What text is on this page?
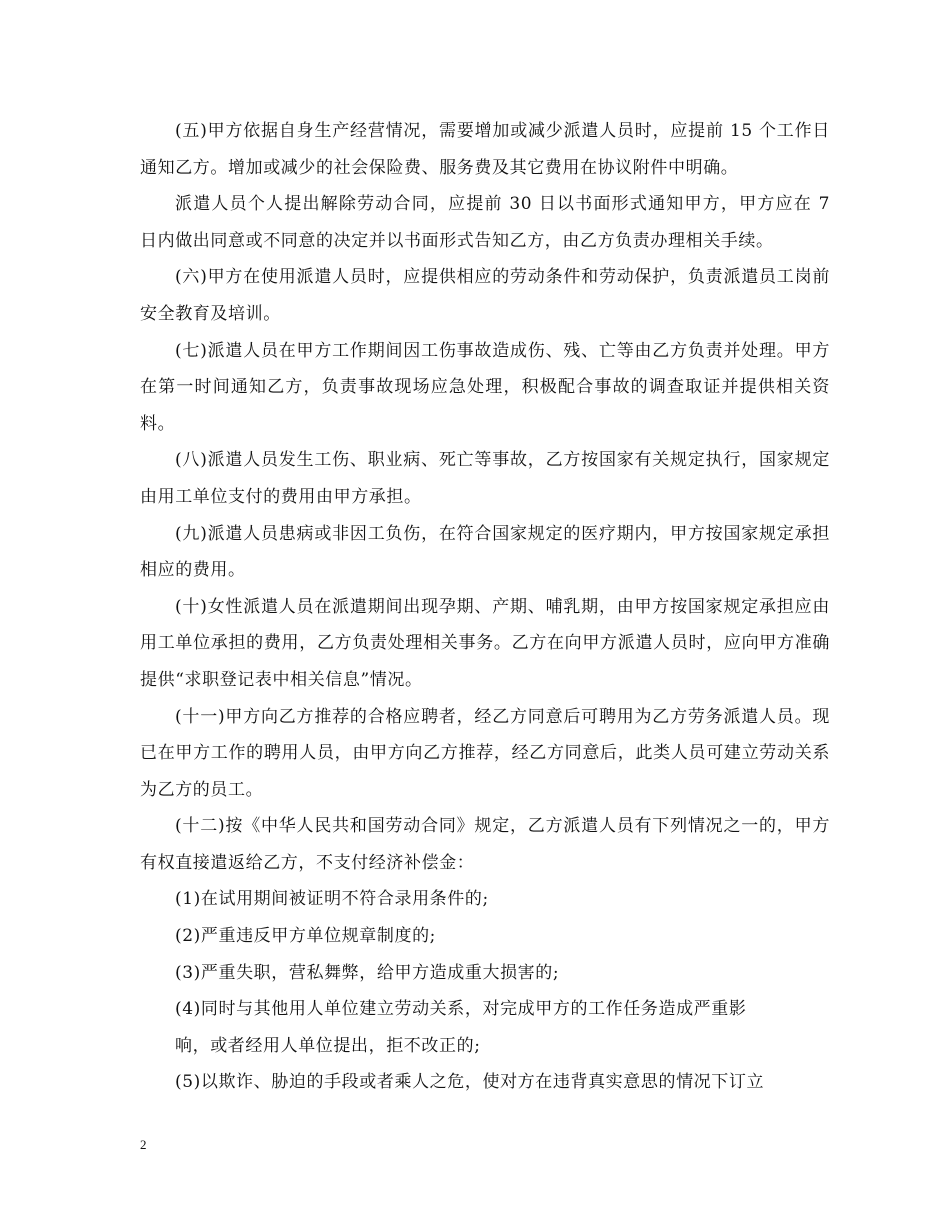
(五)甲方依据自身生产经营情况，需要增加或减少派遣人员时，应提前 15 个工作日通知乙方。增加或减少的社会保险费、服务费及其它费用在协议附件中明确。

派遣人员个人提出解除劳动合同，应提前 30 日以书面形式通知甲方，甲方应在 7 日内做出同意或不同意的决定并以书面形式告知乙方，由乙方负责办理相关手续。

(六)甲方在使用派遣人员时，应提供相应的劳动条件和劳动保护，负责派遣员工岗前安全教育及培训。

(七)派遣人员在甲方工作期间因工伤事故造成伤、残、亡等由乙方负责并处理。甲方在第一时间通知乙方，负责事故现场应急处理，积极配合事故的调查取证并提供相关资料。

(八)派遣人员发生工伤、职业病、死亡等事故，乙方按国家有关规定执行，国家规定由用工单位支付的费用由甲方承担。

(九)派遣人员患病或非因工负伤，在符合国家规定的医疗期内，甲方按国家规定承担相应的费用。

(十)女性派遣人员在派遣期间出现孕期、产期、哺乳期，由甲方按国家规定承担应由用工单位承担的费用，乙方负责处理相关事务。乙方在向甲方派遣人员时，应向甲方准确提供“求职登记表中相关信息”情况。

(十一)甲方向乙方推荐的合格应聘者，经乙方同意后可聘用为乙方劳务派遣人员。现已在甲方工作的聘用人员，由甲方向乙方推荐，经乙方同意后，此类人员可建立劳动关系为乙方的员工。

(十二)按《中华人民共和国劳动合同》规定，乙方派遣人员有下列情况之一的，甲方有权直接遣返给乙方，不支付经济补偿金：

(1)在试用期间被证明不符合录用条件的;

(2)严重违反甲方单位规章制度的;

(3)严重失职，营私舞弊，给甲方造成重大损害的;

(4)同时与其他用人单位建立劳动关系，对完成甲方的工作任务造成严重影

响，或者经用人单位提出，拒不改正的;

(5)以欺诈、胁迫的手段或者乘人之危，使对方在违背真实意思的情况下订立

2
